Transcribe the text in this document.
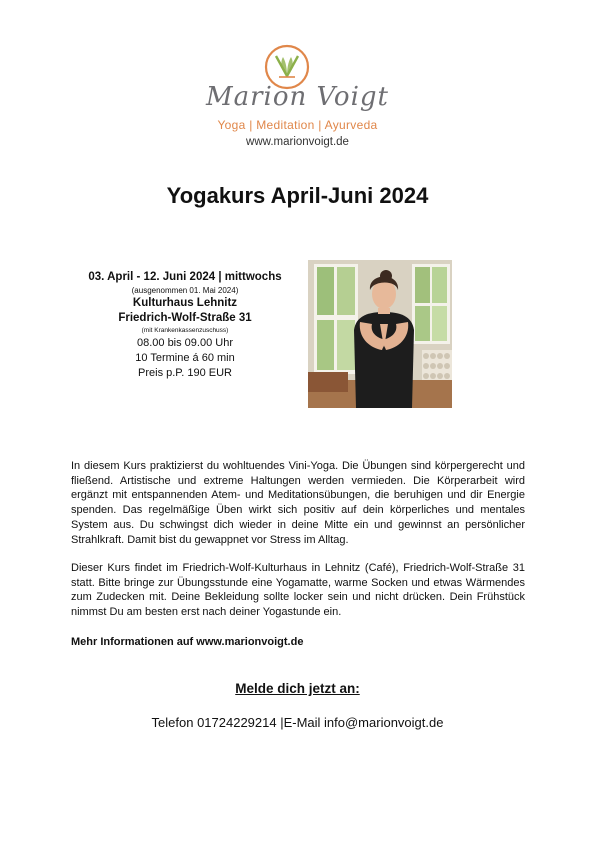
Marion Voigt
Yoga | Meditation | Ayurveda
www.marionvoigt.de
Yogakurs April-Juni 2024
03. April - 12. Juni 2024 | mittwochs
(ausgenommen 01. Mai 2024)
Kulturhaus Lehnitz
Friedrich-Wolf-Straße 31
(mit Krankenkassenzuschuss)
08.00 bis 09.00 Uhr
10 Termine á 60 min
Preis p.P. 190 EUR

In diesem Kurs praktizierst du wohltuendes Vini-Yoga. Die Übungen sind körpergerecht und fließend. Artistische und extreme Haltungen werden vermieden. Die Körperarbeit wird ergänzt mit entspannenden Atem- und Meditationsübungen, die beruhigen und dir Energie spenden. Das regelmäßige Üben wirkt sich positiv auf dein körperliches und mentales System aus. Du schwingst dich wieder in deine Mitte ein und gewinnst an persönlicher Strahlkraft. Damit bist du gewappnet vor Stress im Alltag.

Dieser Kurs findet im Friedrich-Wolf-Kulturhaus in Lehnitz (Café), Friedrich-Wolf-Straße 31 statt. Bitte bringe zur Übungsstunde eine Yogamatte, warme Socken und etwas Wärmendes zum Zudecken mit. Deine Bekleidung sollte locker sein und nicht drücken. Dein Frühstück nimmst Du am besten erst nach deiner Yogastunde ein.

Mehr Informationen auf www.marionvoigt.de
Melde dich jetzt an:
Telefon 01724229214 |E-Mail info@marionvoigt.de
